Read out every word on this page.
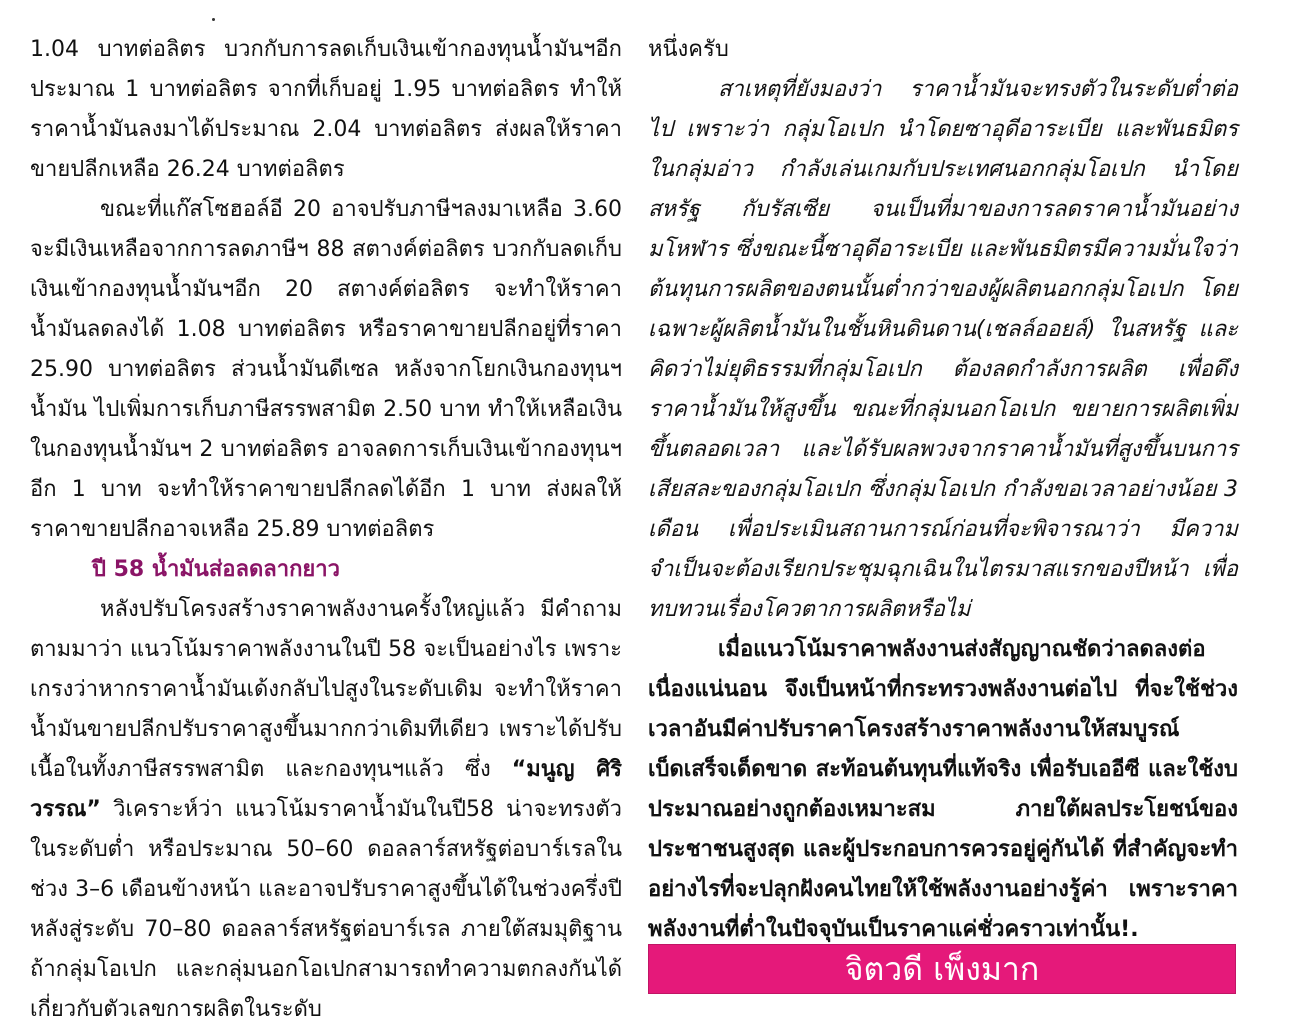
1.04 บาทต่อลิตร บวกกับการลดเก็บเงินเข้ากองทุนน้ำมันฯอีกประมาณ 1 บาทต่อลิตร จากที่เก็บอยู่ 1.95 บาทต่อลิตร ทำให้ราคาน้ำมันลงมาได้ประมาณ 2.04 บาทต่อลิตร ส่งผลให้ราคาขายปลีกเหลือ 26.24 บาทต่อลิตร

ขณะที่แก๊สโซฮอล์อี 20 อาจปรับภาษีฯลงมาเหลือ 3.60 จะมีเงินเหลือจากการลดภาษีฯ 88 สตางค์ต่อลิตร บวกกับลดเก็บเงินเข้ากองทุนน้ำมันฯอีก 20 สตางค์ต่อลิตร จะทำให้ราคาน้ำมันลดลงได้ 1.08 บาทต่อลิตร หรือราคาขายปลีกอยู่ที่ราคา 25.90 บาทต่อลิตร ส่วนน้ำมันดีเซล หลังจากโยกเงินกองทุนฯน้ำมัน ไปเพิ่มการเก็บภาษีสรรพสามิต 2.50 บาท ทำให้เหลือเงินในกองทุนน้ำมันฯ 2 บาทต่อลิตร อาจลดการเก็บเงินเข้ากองทุนฯอีก 1 บาท จะทำให้ราคาขายปลีกลดได้อีก 1 บาท ส่งผลให้ราคาขายปลีกอาจเหลือ 25.89 บาทต่อลิตร

ปี 58 น้ำมันส่อลดลากยาว

หลังปรับโครงสร้างราคาพลังงานครั้งใหญ่แล้ว มีคำถามตามมาว่า แนวโน้มราคาพลังงานในปี 58 จะเป็นอย่างไร เพราะเกรงว่าหากราคาน้ำมันเด้งกลับไปสูงในระดับเดิม จะทำให้ราคาน้ำมันขายปลีกปรับราคาสูงขึ้นมากกว่าเดิมทีเดียว เพราะได้ปรับเนื้อในทั้งภาษีสรรพสามิต และกองทุนฯแล้ว ซึ่ง “มนูญ ศิริวรรณ” วิเคราะห์ว่า แนวโน้มราคาน้ำมันในปี58 น่าจะทรงตัวในระดับต่ำ หรือประมาณ 50–60 ดอลลาร์สหรัฐต่อบาร์เรลในช่วง 3–6 เดือนข้างหน้า และอาจปรับราคาสูงขึ้นได้ในช่วงครึ่งปีหลังสู่ระดับ 70–80 ดอลลาร์สหรัฐต่อบาร์เรล ภายใต้สมมุติฐานถ้ากลุ่มโอเปก และกลุ่มนอกโอเปกสามารถทำความตกลงกันได้เกี่ยวกับตัวเลขการผลิตในระดับ

หนึ่งครับ

สาเหตุที่ยังมองว่า ราคาน้ำมันจะทรงตัวในระดับต่ำต่อไป เพราะว่า กลุ่มโอเปก นำโดยซาอุดีอาระเบีย และพันธมิตรในกลุ่มอ่าว กำลังเล่นเกมกับประเทศนอกกลุ่มโอเปก นำโดยสหรัฐ กับรัสเซีย จนเป็นที่มาของการลดราคาน้ำมันอย่างมโหฬาร ซึ่งขณะนี้ซาอุดีอาระเบีย และพันธมิตรมีความมั่นใจว่า ต้นทุนการผลิตของตนนั้นต่ำกว่าของผู้ผลิตนอกกลุ่มโอเปก โดยเฉพาะผู้ผลิตน้ำมันในชั้นหินดินดาน(เชลล์ออยล์) ในสหรัฐ และคิดว่าไม่ยุติธรรมที่กลุ่มโอเปก ต้องลดกำลังการผลิต เพื่อดึงราคาน้ำมันให้สูงขึ้น ขณะที่กลุ่มนอกโอเปก ขยายการผลิตเพิ่มขึ้นตลอดเวลา และได้รับผลพวงจากราคาน้ำมันที่สูงขึ้นบนการเสียสละของกลุ่มโอเปก ซึ่งกลุ่มโอเปก กำลังขอเวลาอย่างน้อย 3 เดือน เพื่อประเมินสถานการณ์ก่อนที่จะพิจารณาว่า มีความจำเป็นจะต้องเรียกประชุมฉุกเฉินในไตรมาสแรกของปีหน้า เพื่อทบทวนเรื่องโควตาการผลิตหรือไม่

เมื่อแนวโน้มราคาพลังงานส่งสัญญาณชัดว่าลดลงต่อเนื่องแน่นอน จึงเป็นหน้าที่กระทรวงพลังงานต่อไป ที่จะใช้ช่วงเวลาอันมีค่าปรับราคาโครงสร้างราคาพลังงานให้สมบูรณ์ เบ็ดเสร็จเด็ดขาด สะท้อนต้นทุนที่แท้จริง เพื่อรับเออีซี และใช้งบประมาณอย่างถูกต้องเหมาะสม ภายใต้ผลประโยชน์ของประชาชนสูงสุด และผู้ประกอบการควรอยู่คู่กันได้ ที่สำคัญจะทำอย่างไรที่จะปลุกฝังคนไทยให้ใช้พลังงานอย่างรู้ค่า เพราะราคาพลังงานที่ต่ำในปัจจุบันเป็นราคาแค่ชั่วคราวเท่านั้น!.

จิตวดี เพ็งมาก
